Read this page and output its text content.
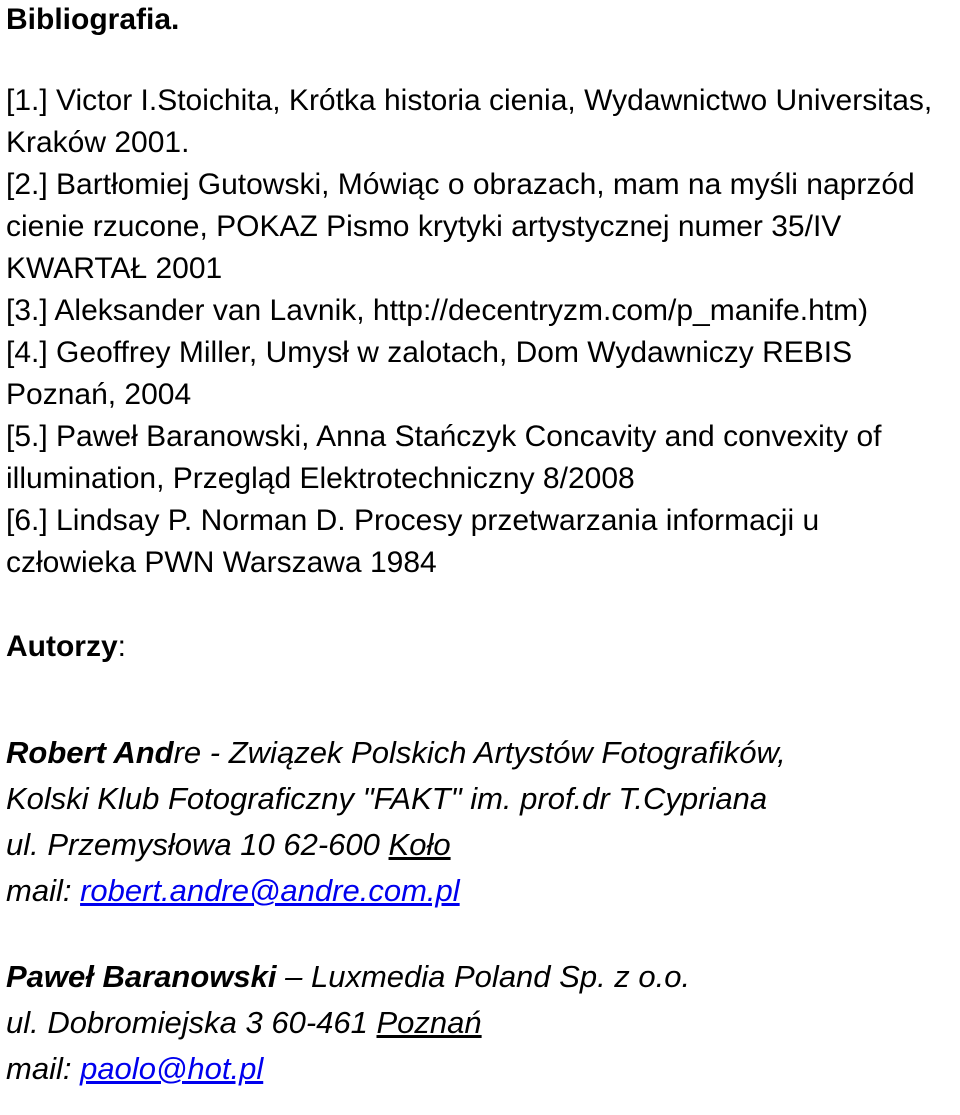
Bibliografia.
[1.] Victor I.Stoichita, Krótka historia cienia, Wydawnictwo Universitas, Kraków 2001.
[2.] Bartłomiej Gutowski, Mówiąc o obrazach, mam na myśli naprzód cienie rzucone, POKAZ Pismo krytyki artystycznej numer 35/IV KWARTAŁ 2001
[3.] Aleksander van Lavnik, http://decentryzm.com/p_manife.htm)
[4.] Geoffrey Miller, Umysł w zalotach, Dom Wydawniczy REBIS Poznań, 2004
[5.] Paweł Baranowski, Anna Stańczyk Concavity and convexity of illumination, Przegląd Elektrotechniczny 8/2008
[6.] Lindsay P. Norman D. Procesy przetwarzania informacji u człowieka PWN Warszawa 1984
Autorzy:
Robert Andre - Związek Polskich Artystów Fotografików,
Kolski Klub Fotograficzny "FAKT" im. prof.dr T.Cypriana
ul. Przemysłowa 10 62-600 Koło
mail: robert.andre@andre.com.pl
Paweł Baranowski – Luxmedia Poland Sp. z o.o.
ul. Dobromiejska 3 60-461 Poznań
mail: paolo@hot.pl
